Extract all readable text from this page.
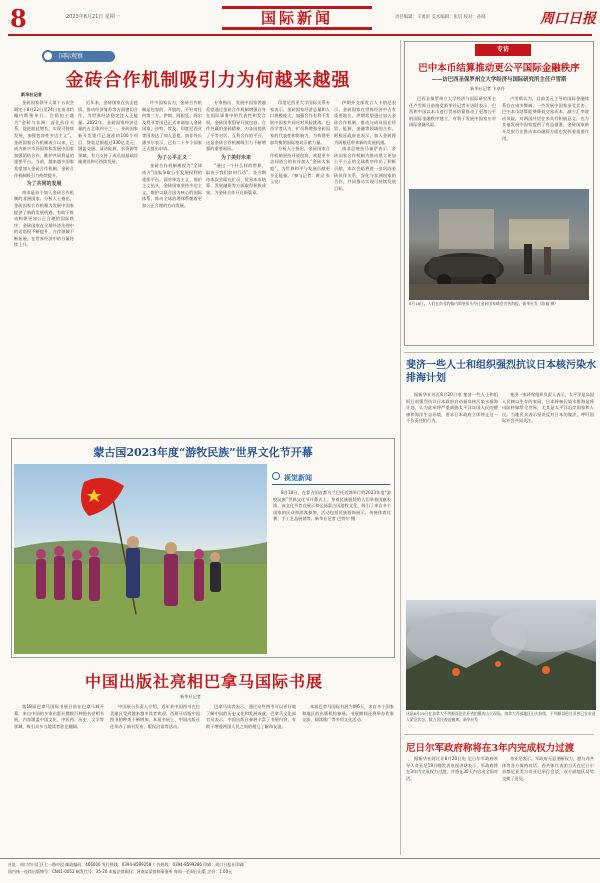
8	2023年8月21日 星期一	国际新闻	责任编辑：辛勇滨 美术编辑：张培 校对：孙晓	周口日报
国际观察
金砖合作机制吸引力为何越来越强
新华社记者

金砖国家领导人第十五次会晤定于8月22日至24日在南非约翰内斯堡举行。会晤的主题为“金砖与非洲：深化伙伴关系，促进彼此增长，实现可持续发展，加强包容性多边主义”。金砖国家合作机制成立以来，已成为新兴市场国家和发展中国家加强团结合作、维护共同利益的重要平台。当前，越来越多国家希望加入金砖合作机制，金砖合作机制吸引力持续提升。

为了共同的发展

南非是首个加入金砖合作机制的非洲国家。分析人士指出，金砖国家合作机制为发展中国家提供了新的发展机遇，有助于推动构建更加公正合理的国际秩序。金砖国家在全球经济治理中的话语权不断提升，合作领域不断拓展，在世界经济中的分量持续上升。

近年来，金砖国家在抗击疫情、推动经济复苏等方面密切合作，为世界经济稳定注入正能量。2022年，金砖国家经济总量约占全球四分之一。金砖国家新开发银行已批准约100个项目，贷款总额超过330亿美元，涵盖交通、清洁能源、水资源等领域，有力支持了成员国基础设施建设和可持续发展。

许多国家认为，金砖合作机制是包容的、开放的，不针对任何第三方。伊朗、阿根廷、阿尔及利亚等国已正式申请加入金砖国家，沙特、埃及、印度尼西亚等国表达了加入意愿。南非外长潘多尔表示，已有二十多个国家正式提出申请。

为了公平正义

金砖合作机制被视为“全球南方”国家争取公平发展权利的重要平台。面对单边主义、保护主义抬头，金砖国家坚持多边主义，维护以联合国为核心的国际体系，推动全球治理体系朝着更加公正合理的方向发展。

专家指出，发展中国家普遍希望通过金砖合作机制增强自身在国际事务中的代表性和发言权。金砖国家倡导开放包容、合作共赢的金砖精神，为各国提供了平等对话、互利合作的平台，这是金砖合作机制吸引力不断增强的重要原因。

为了美好未来

“通过一个什么样的世界，取决于我们如何行动”。各方期待本次会晤在扩员、贸易本币结算、发展融资等方面取得积极成果，为金砖合作开启新篇章。

印度尼西亚大学国际关系专家表示，金砖国家经济总量和人口规模庞大，加强合作有利于发展中国家共同应对风险挑战。巴西学者认为，扩员将增强金砖国家的代表性和影响力，为构建更加均衡的国际格局贡献力量。

分析人士指出，金砖国家合作机制坚持开放包容，欢迎更多志同道合的伙伴加入“金砖大家庭”，为世界和平与发展贡献更多正能量。（参与记者：黄灵 张玉亮）

伊朗外交部发言人卡纳尼表示，金砖国家在世界经济中占有重要地位，伊朗希望通过加入金砖合作机制，推动与成员国在经贸、能源、金融等领域的合作。阿根廷政府也表示，加入金砖将为阿根廷带来新的发展机遇。

南非总统拉马福萨表示，金砖国家合作机制为推动建立更加公平公正的全球秩序作出了积极贡献，本次会晤将进一步巩固金砖伙伴关系，深化与非洲国家的合作，共同推动实现可持续发展目标。

专访
巴中本币结算推动更公平国际金融秩序
——访巴西圣保罗州立大学经济与国际研究所主任卢雪斯
新华社记者 卞卓丹

巴西圣保罗州立大学经济与国际研究所主任卢雪斯日前接受新华社记者专访时表示，巴西和中国以本币进行贸易结算推动了更加公平的国际金融秩序建立，有利于发展中国家应对国际金融风险。

卢雪斯认为，目前美元主导的国际金融体系存在诸多弊端，一些发展中国家深受其害。巴中本币结算能够降低交易成本，减少汇率波动风险，对两国经贸往来具有积极意义，也为其他发展中国家提供了有益借鉴。金砖国家新开发银行在推动本币融资方面也发挥着重要作用。

8月18日，人们在南非约翰内斯堡街头经过金砖国家峰会宣传海报。新华社发（陈诚 摄）
蒙古国2023年度“游牧民族”世界文化节开幕
视觉新闻

8月18日，在蒙古国首都乌兰巴托近郊举行的2023年度“游牧民族”世界文化节开幕式上，身着民族服装的人们举着国旗表演。该文化节旨在展示和弘扬蒙古国游牧文化，吸引了来自多个国家的民众和游客参加，活动包括民族服饰展示、传统体育比赛、手工艺品展销等。新华社记者 巴特尔 摄

中国出版社亮相巴拿马国际书展
新华社记者

第18届巴拿马国际书展日前在巴拿马城开幕，来自中国的多家出版社携数百种图书亮相书展，内容涵盖中国文化、中医药、历史、文学等领域，吸引众多当地读者驻足翻阅。

中国展台负责人介绍，近年来中国图书在拉美地区受到越来越多读者欢迎，西班牙语版中国图书的种类不断增加。本届书展上，中国出版社还举办了新书发布、版权洽谈等活动。

巴拿马读者表示，通过这些图书可以更好地了解中国的历史文化和发展成就。巴拿马文化部官员表示，中国出版社参展丰富了书展内容，有助于增进两国人民之间的相互了解和友谊。

本届巴拿马国际书展为期6天，来自多个国家和地区的出版机构参展。书展期间还将举办作家交流、阅读推广等多项文化活动。

斐济一些人士和组织强烈抗议日本核污染水排海计划

据新华社苏瓦8月20日电 斐济一些人士和组织日前强烈抗议日本政府启动福岛核污染水排海计划，认为此举将严重威胁太平洋岛国人民的健康和海洋生态环境，要求日本政府立即停止这一不负责任的行为。

斐济一家环保组织负责人表示，太平洋是岛国人民赖以生存的家园，日本将核污染水排海是将风险转嫁给全世界，尤其是太平洋沿岸国家和人民。当地民众表示坚决反对日本的做法，呼吁国际社会共同关注。

这是8月19日在加拿大不列颠哥伦比亚省拍摄的山火现场。加拿大西部地区山火持续，不列颠哥伦比亚省已宣布进入紧急状态，数万居民被迫撤离。新华社发
尼日尔军政府称将在3年内完成权力过渡

据新华社阿比让8月20日电 尼日尔军政府领导人奇亚尼19日晚发表电视讲话表示，军政府将在3年内完成权力过渡，并将在30天内启动全国对话。

奇亚尼表示，军政府无意垄断权力，愿与西共体等各方保持对话。西共体代表团当天在尼日尔首都尼亚美与奇亚尼举行会谈，双方就地区局势交换了意见。

社址：周口市川汇区七一路中段 邮政编码：466000 发行热线：0394-8599258 广告热线：0394-8599286 印刷：周口日报社印刷厂
国内统一连续出版物号：CN41-0052 邮发代号：35-20 本报法律顾问：河南某某律师事务所 每周一至周日出版 定价：1.00元
